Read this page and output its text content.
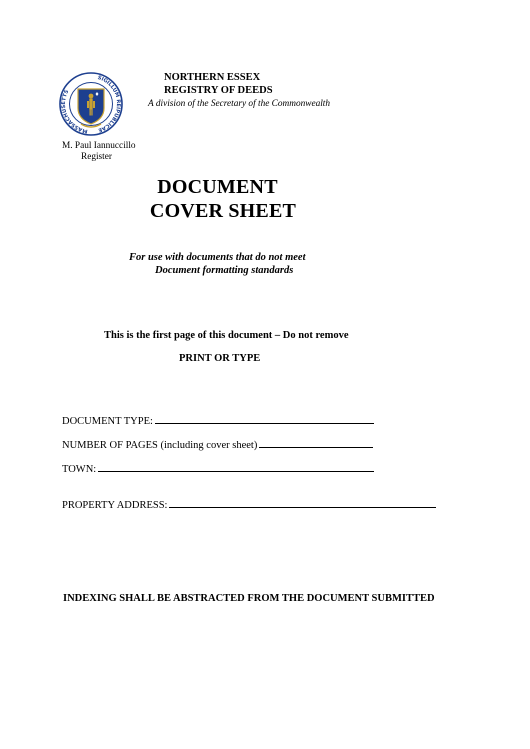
MASSACHUSETTS
SIGILLUM REIPUBLICAE
NORTHERN ESSEX
REGISTRY OF DEEDS
A division of the Secretary of the Commonwealth
M. Paul Iannuccillo
Register
DOCUMENT
COVER SHEET
For use with documents that do not meet
Document formatting standards
This is the first page of this document – Do not remove
PRINT OR TYPE
DOCUMENT TYPE:
NUMBER OF PAGES (including cover sheet)
TOWN:
PROPERTY ADDRESS:
INDEXING SHALL BE ABSTRACTED FROM THE DOCUMENT SUBMITTED
